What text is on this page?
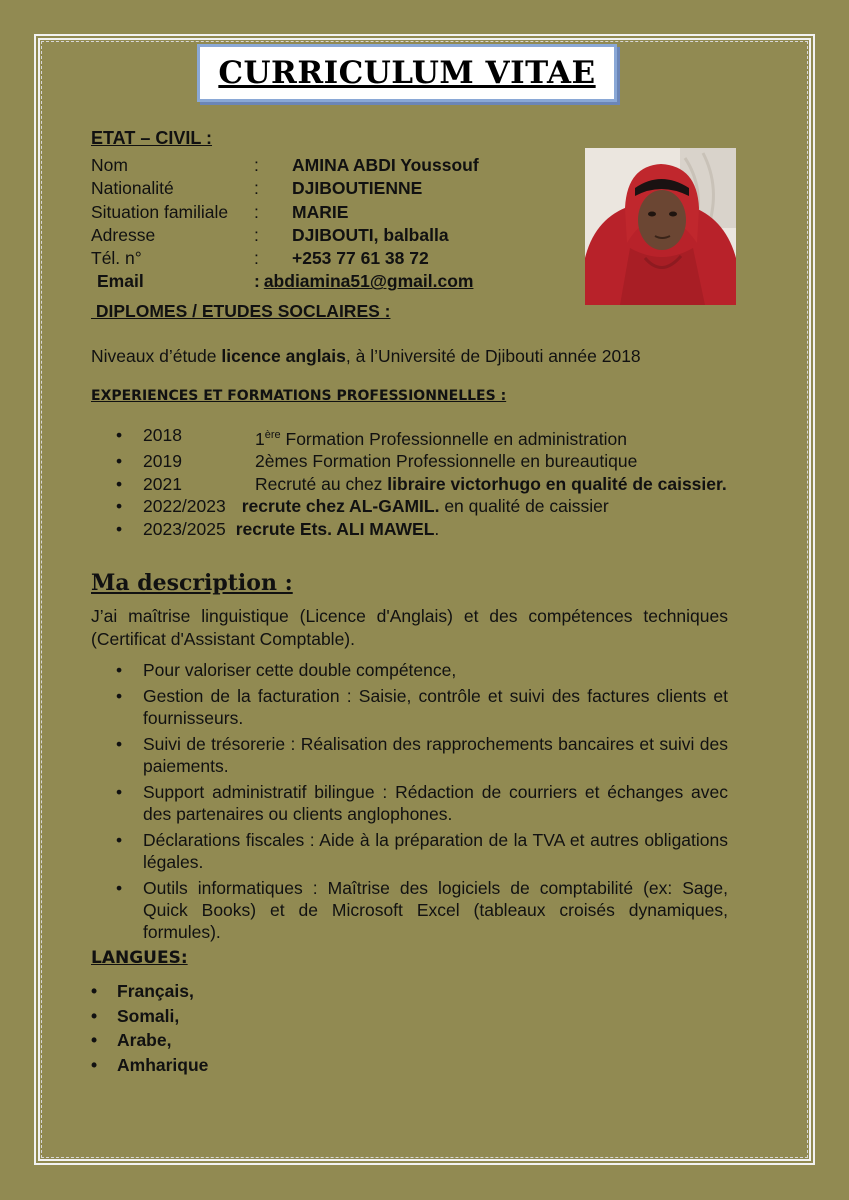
CURRICULUM VITAE
ETAT – CIVIL :
Nom	:	AMINA ABDI Youssouf
Nationalité	:	DJIBOUTIENNE
Situation familiale	:	MARIE
Adresse	:	DJIBOUTI, balballa
Tél. n°	:	+253 77 61 38 72
Email	: abdiamina51@gmail.com
DIPLOMES / ETUDES SOCLAIRES :

Niveaux d’étude licence anglais, à l’Université de Djibouti année 2018

EXPERIENCES ET FORMATIONS PROFESSIONNELLES :
• 2018	1ère Formation Professionnelle en administration
• 2019	2èmes Formation Professionnelle en bureautique
• 2021	Recruté au chez libraire victorhugo en qualité de caissier.
• 2022/2023 recrute chez AL-GAMIL. en qualité de caissier
• 2023/2025 recrute Ets. ALI MAWEL.
Ma description :

J’ai maîtrise linguistique (Licence d'Anglais) et des compétences techniques (Certificat d'Assistant Comptable).

• Pour valoriser cette double compétence,
• Gestion de la facturation : Saisie, contrôle et suivi des factures clients et fournisseurs.
• Suivi de trésorerie : Réalisation des rapprochements bancaires et suivi des paiements.
• Support administratif bilingue : Rédaction de courriers et échanges avec des partenaires ou clients anglophones.
• Déclarations fiscales : Aide à la préparation de la TVA et autres obligations légales.
• Outils informatiques : Maîtrise des logiciels de comptabilité (ex: Sage, Quick Books) et de Microsoft Excel (tableaux croisés dynamiques, formules).
LANGUES:
• Français,
• Somali,
• Arabe,
• Amharique
